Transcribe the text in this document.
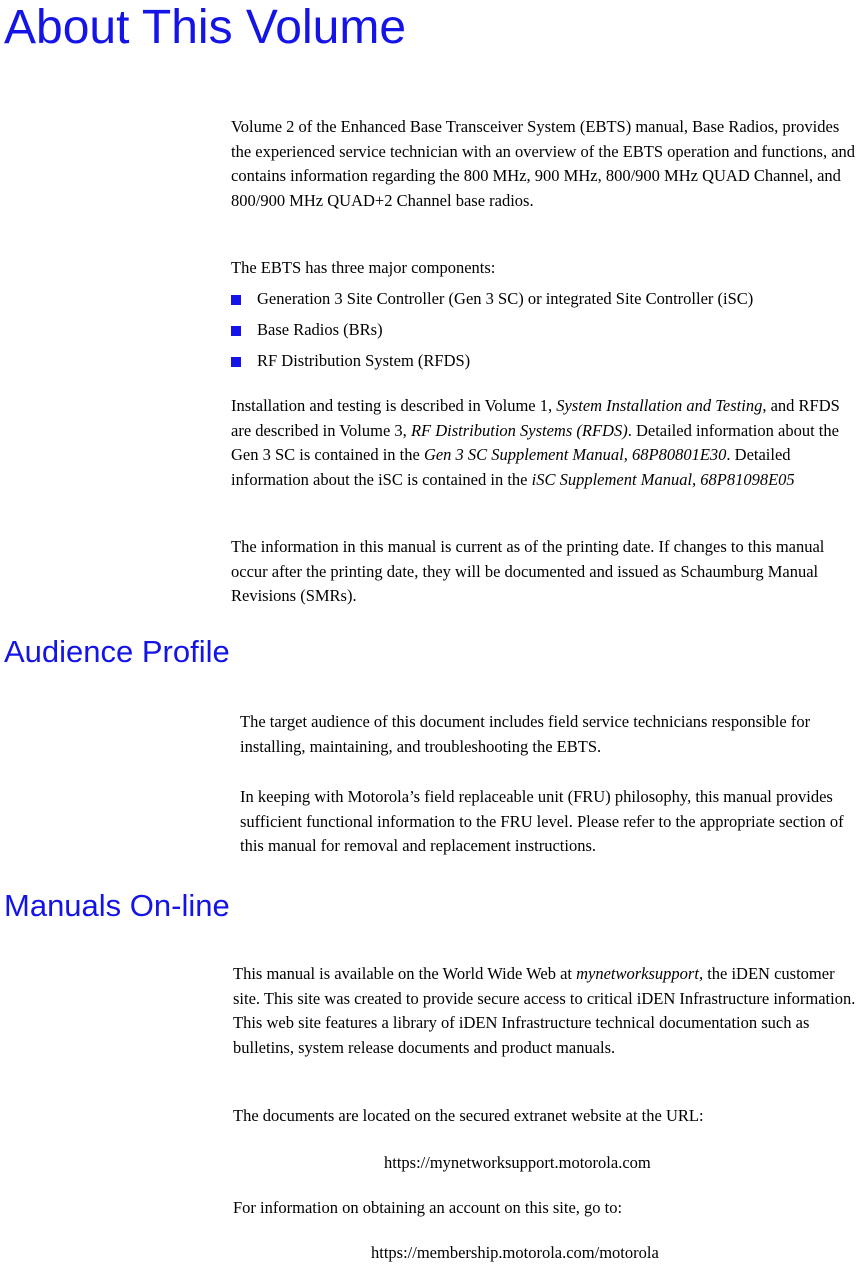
About This Volume

Volume 2 of the Enhanced Base Transceiver System (EBTS) manual, Base Radios, provides the experienced service technician with an overview of the EBTS operation and functions, and contains information regarding the 800 MHz, 900 MHz, 800/900 MHz QUAD Channel, and 800/900 MHz QUAD+2 Channel base radios.

The EBTS has three major components:

Generation 3 Site Controller (Gen 3 SC) or integrated Site Controller (iSC)
Base Radios (BRs)
RF Distribution System (RFDS)

Installation and testing is described in Volume 1, System Installation and Testing, and RFDS are described in Volume 3, RF Distribution Systems (RFDS). Detailed information about the Gen 3 SC is contained in the Gen 3 SC Supplement Manual, 68P80801E30. Detailed information about the iSC is contained in the iSC Supplement Manual, 68P81098E05

The information in this manual is current as of the printing date. If changes to this manual occur after the printing date, they will be documented and issued as Schaumburg Manual Revisions (SMRs).

Audience Profile

The target audience of this document includes field service technicians responsible for installing, maintaining, and troubleshooting the EBTS.

In keeping with Motorola’s field replaceable unit (FRU) philosophy, this manual provides sufficient functional information to the FRU level. Please refer to the appropriate section of this manual for removal and replacement instructions.

Manuals On-line

This manual is available on the World Wide Web at mynetworksupport, the iDEN customer site. This site was created to provide secure access to critical iDEN Infrastructure information. This web site features a library of iDEN Infrastructure technical documentation such as bulletins, system release documents and product manuals.

The documents are located on the secured extranet website at the URL:

https://mynetworksupport.motorola.com

For information on obtaining an account on this site, go to:

https://membership.motorola.com/motorola
